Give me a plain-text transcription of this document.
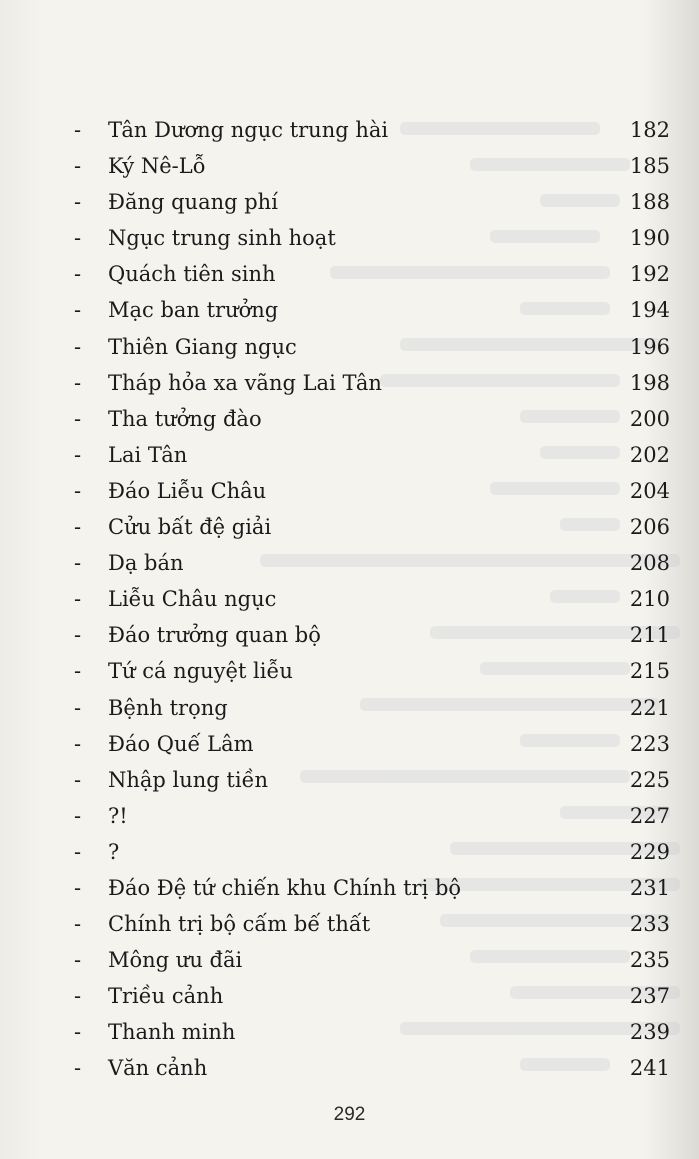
- Tân Dương ngục trung hài	182
- Ký Nê-Lỗ	185
- Đăng quang phí	188
- Ngục trung sinh hoạt	190
- Quách tiên sinh	192
- Mạc ban trưởng	194
- Thiên Giang ngục	196
- Tháp hỏa xa vãng Lai Tân	198
- Tha tưởng đào	200
- Lai Tân	202
- Đáo Liễu Châu	204
- Cửu bất đệ giải	206
- Dạ bán	208
- Liễu Châu ngục	210
- Đáo trưởng quan bộ	211
- Tứ cá nguyệt liễu	215
- Bệnh trọng	221
- Đáo Quế Lâm	223
- Nhập lung tiền	225
- ?!	227
- ?	229
- Đáo Đệ tứ chiến khu Chính trị bộ	231
- Chính trị bộ cấm bế thất	233
- Mông ưu đãi	235
- Triều cảnh	237
- Thanh minh	239
- Văn cảnh	241
292
